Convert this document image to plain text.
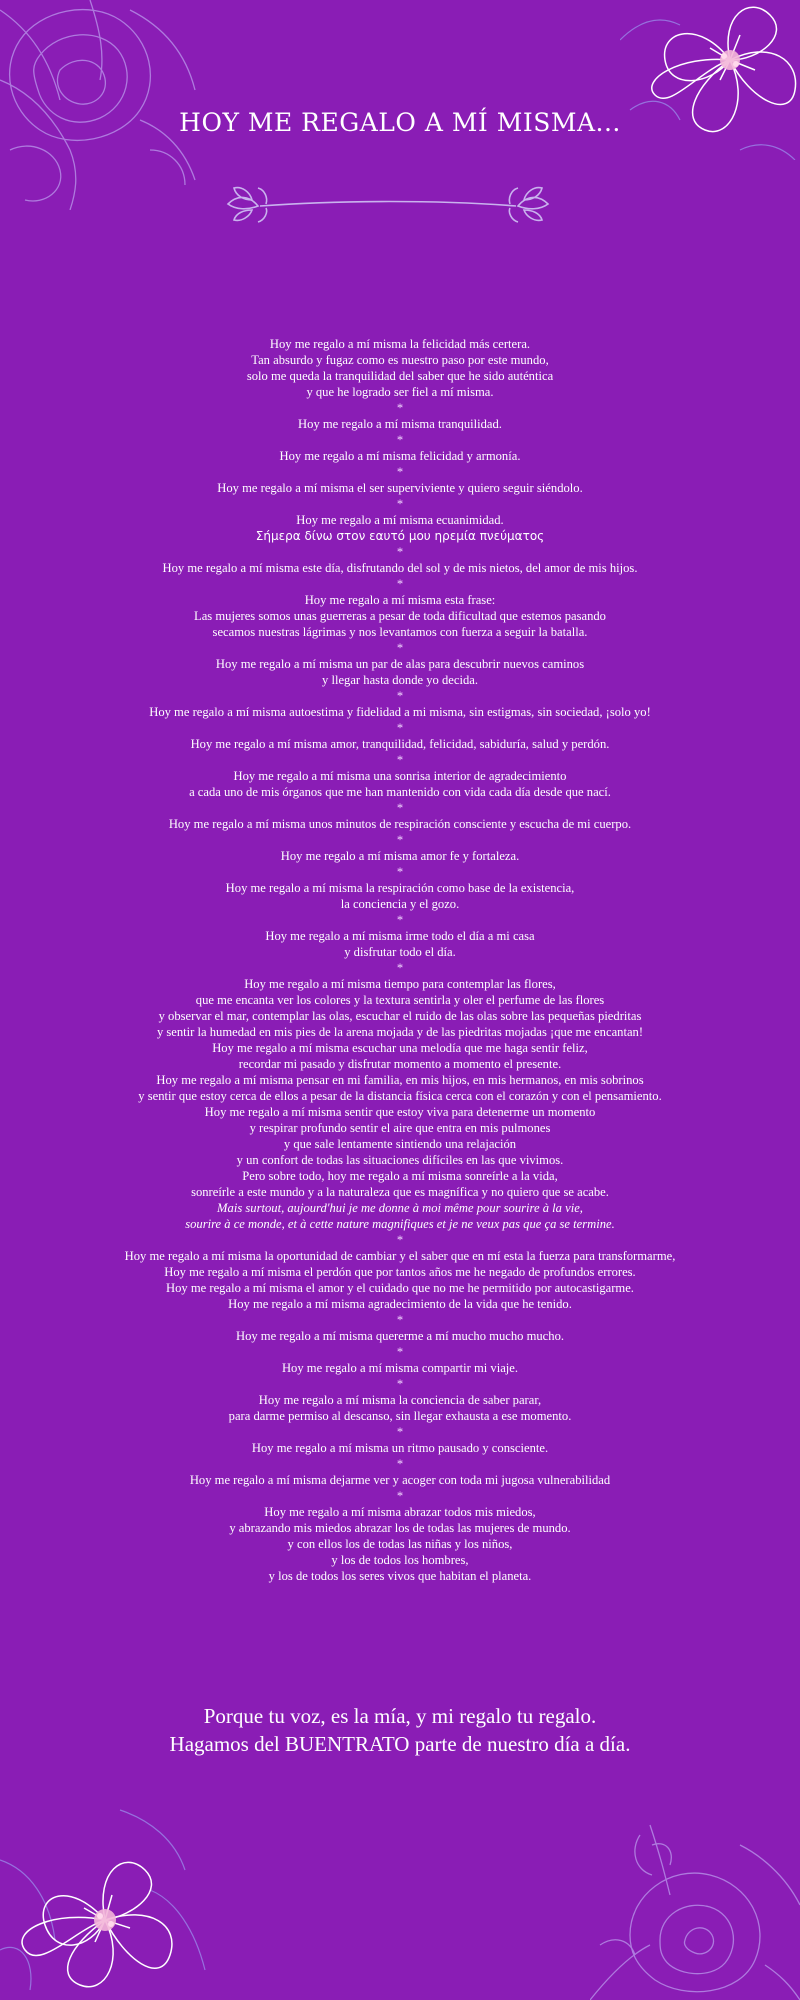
HOY ME REGALO A MÍ MISMA...
Hoy me regalo a mí misma la felicidad más certera.
Tan absurdo y fugaz como es nuestro paso por este mundo,
solo me queda la tranquilidad del saber que he sido auténtica
y que he logrado ser fiel a mí misma.
*
Hoy me regalo a mí misma tranquilidad.
*
Hoy me regalo a mí misma felicidad y armonía.
*
Hoy me regalo a mí misma el ser superviviente y quiero seguir siéndolo.
*
Hoy me regalo a mí misma ecuanimidad.
Σήμερα δίνω στον εαυτό μου ηρεμία πνεύματος
*
Hoy me regalo a mí misma este día, disfrutando del sol y de mis nietos, del amor de mis hijos.
*
Hoy me regalo a mí misma esta frase:
Las mujeres somos unas guerreras a pesar de toda dificultad que estemos pasando
secamos nuestras lágrimas y nos levantamos con fuerza a seguir la batalla.
*
Hoy me regalo a mí misma un par de alas para descubrir nuevos caminos
y llegar hasta donde yo decida.
*
Hoy me regalo a mí misma autoestima y fidelidad a mi misma, sin estigmas, sin sociedad, ¡solo yo!
*
Hoy me regalo a mí misma amor, tranquilidad, felicidad, sabiduría, salud y perdón.
*
Hoy me regalo a mí misma una sonrisa interior de agradecimiento
a cada uno de mis órganos que me han mantenido con vida cada día desde que nací.
*
Hoy me regalo a mí misma unos minutos de respiración consciente y escucha de mi cuerpo.
*
Hoy me regalo a mí misma amor fe y fortaleza.
*
Hoy me regalo a mí misma la respiración como base de la existencia,
la conciencia y el gozo.
*
Hoy me regalo a mí misma irme todo el día a mi casa
y disfrutar todo el día.
*
Hoy me regalo a mí misma tiempo para contemplar las flores,
que me encanta ver los colores y la textura sentirla y oler el perfume de las flores
y observar el mar, contemplar las olas, escuchar el ruido de las olas sobre las pequeñas piedritas
y sentir la humedad en mis pies de la arena mojada y de las piedritas mojadas ¡que me encantan!
Hoy me regalo a mí misma escuchar una melodía que me haga sentir feliz,
recordar mi pasado y disfrutar momento a momento el presente.
Hoy me regalo a mí misma pensar en mi familia, en mis hijos, en mis hermanos, en mis sobrinos
y sentir que estoy cerca de ellos a pesar de la distancia física cerca con el corazón y con el pensamiento.
Hoy me regalo a mí misma sentir que estoy viva para detenerme un momento
y respirar profundo sentir el aire que entra en mis pulmones
y que sale lentamente sintiendo una relajación
y un confort de todas las situaciones difíciles en las que vivimos.
Pero sobre todo, hoy me regalo a mí misma sonreírle a la vida,
sonreírle a este mundo y a la naturaleza que es magnífica y no quiero que se acabe.
Mais surtout, aujourd'hui je me donne à moi même pour sourire à la vie,
sourire à ce monde, et à cette nature magnifiques et je ne veux pas que ça se termine.
*
Hoy me regalo a mí misma la oportunidad de cambiar y el saber que en mí esta la fuerza para transformarme,
Hoy me regalo a mí misma el perdón que por tantos años me he negado de profundos errores.
Hoy me regalo a mí misma el amor y el cuidado que no me he permitido por autocastigarme.
Hoy me regalo a mí misma agradecimiento de la vida que he tenido.
*
Hoy me regalo a mí misma quererme a mí mucho mucho mucho.
*
Hoy me regalo a mí misma compartir mi viaje.
*
Hoy me regalo a mí misma la conciencia de saber parar,
para darme permiso al descanso, sin llegar exhausta a ese momento.
*
Hoy me regalo a mí misma un ritmo pausado y consciente.
*
Hoy me regalo a mí misma dejarme ver y acoger con toda mi jugosa vulnerabilidad
*
Hoy me regalo a mí misma abrazar todos mis miedos,
y abrazando mis miedos abrazar los de todas las mujeres de mundo.
y con ellos los de todas las niñas y los niños,
y los de todos los hombres,
y los de todos los seres vivos que habitan el planeta.
Porque tu voz, es la mía, y mi regalo tu regalo.
Hagamos del BUENTRATO parte de nuestro día a día.
